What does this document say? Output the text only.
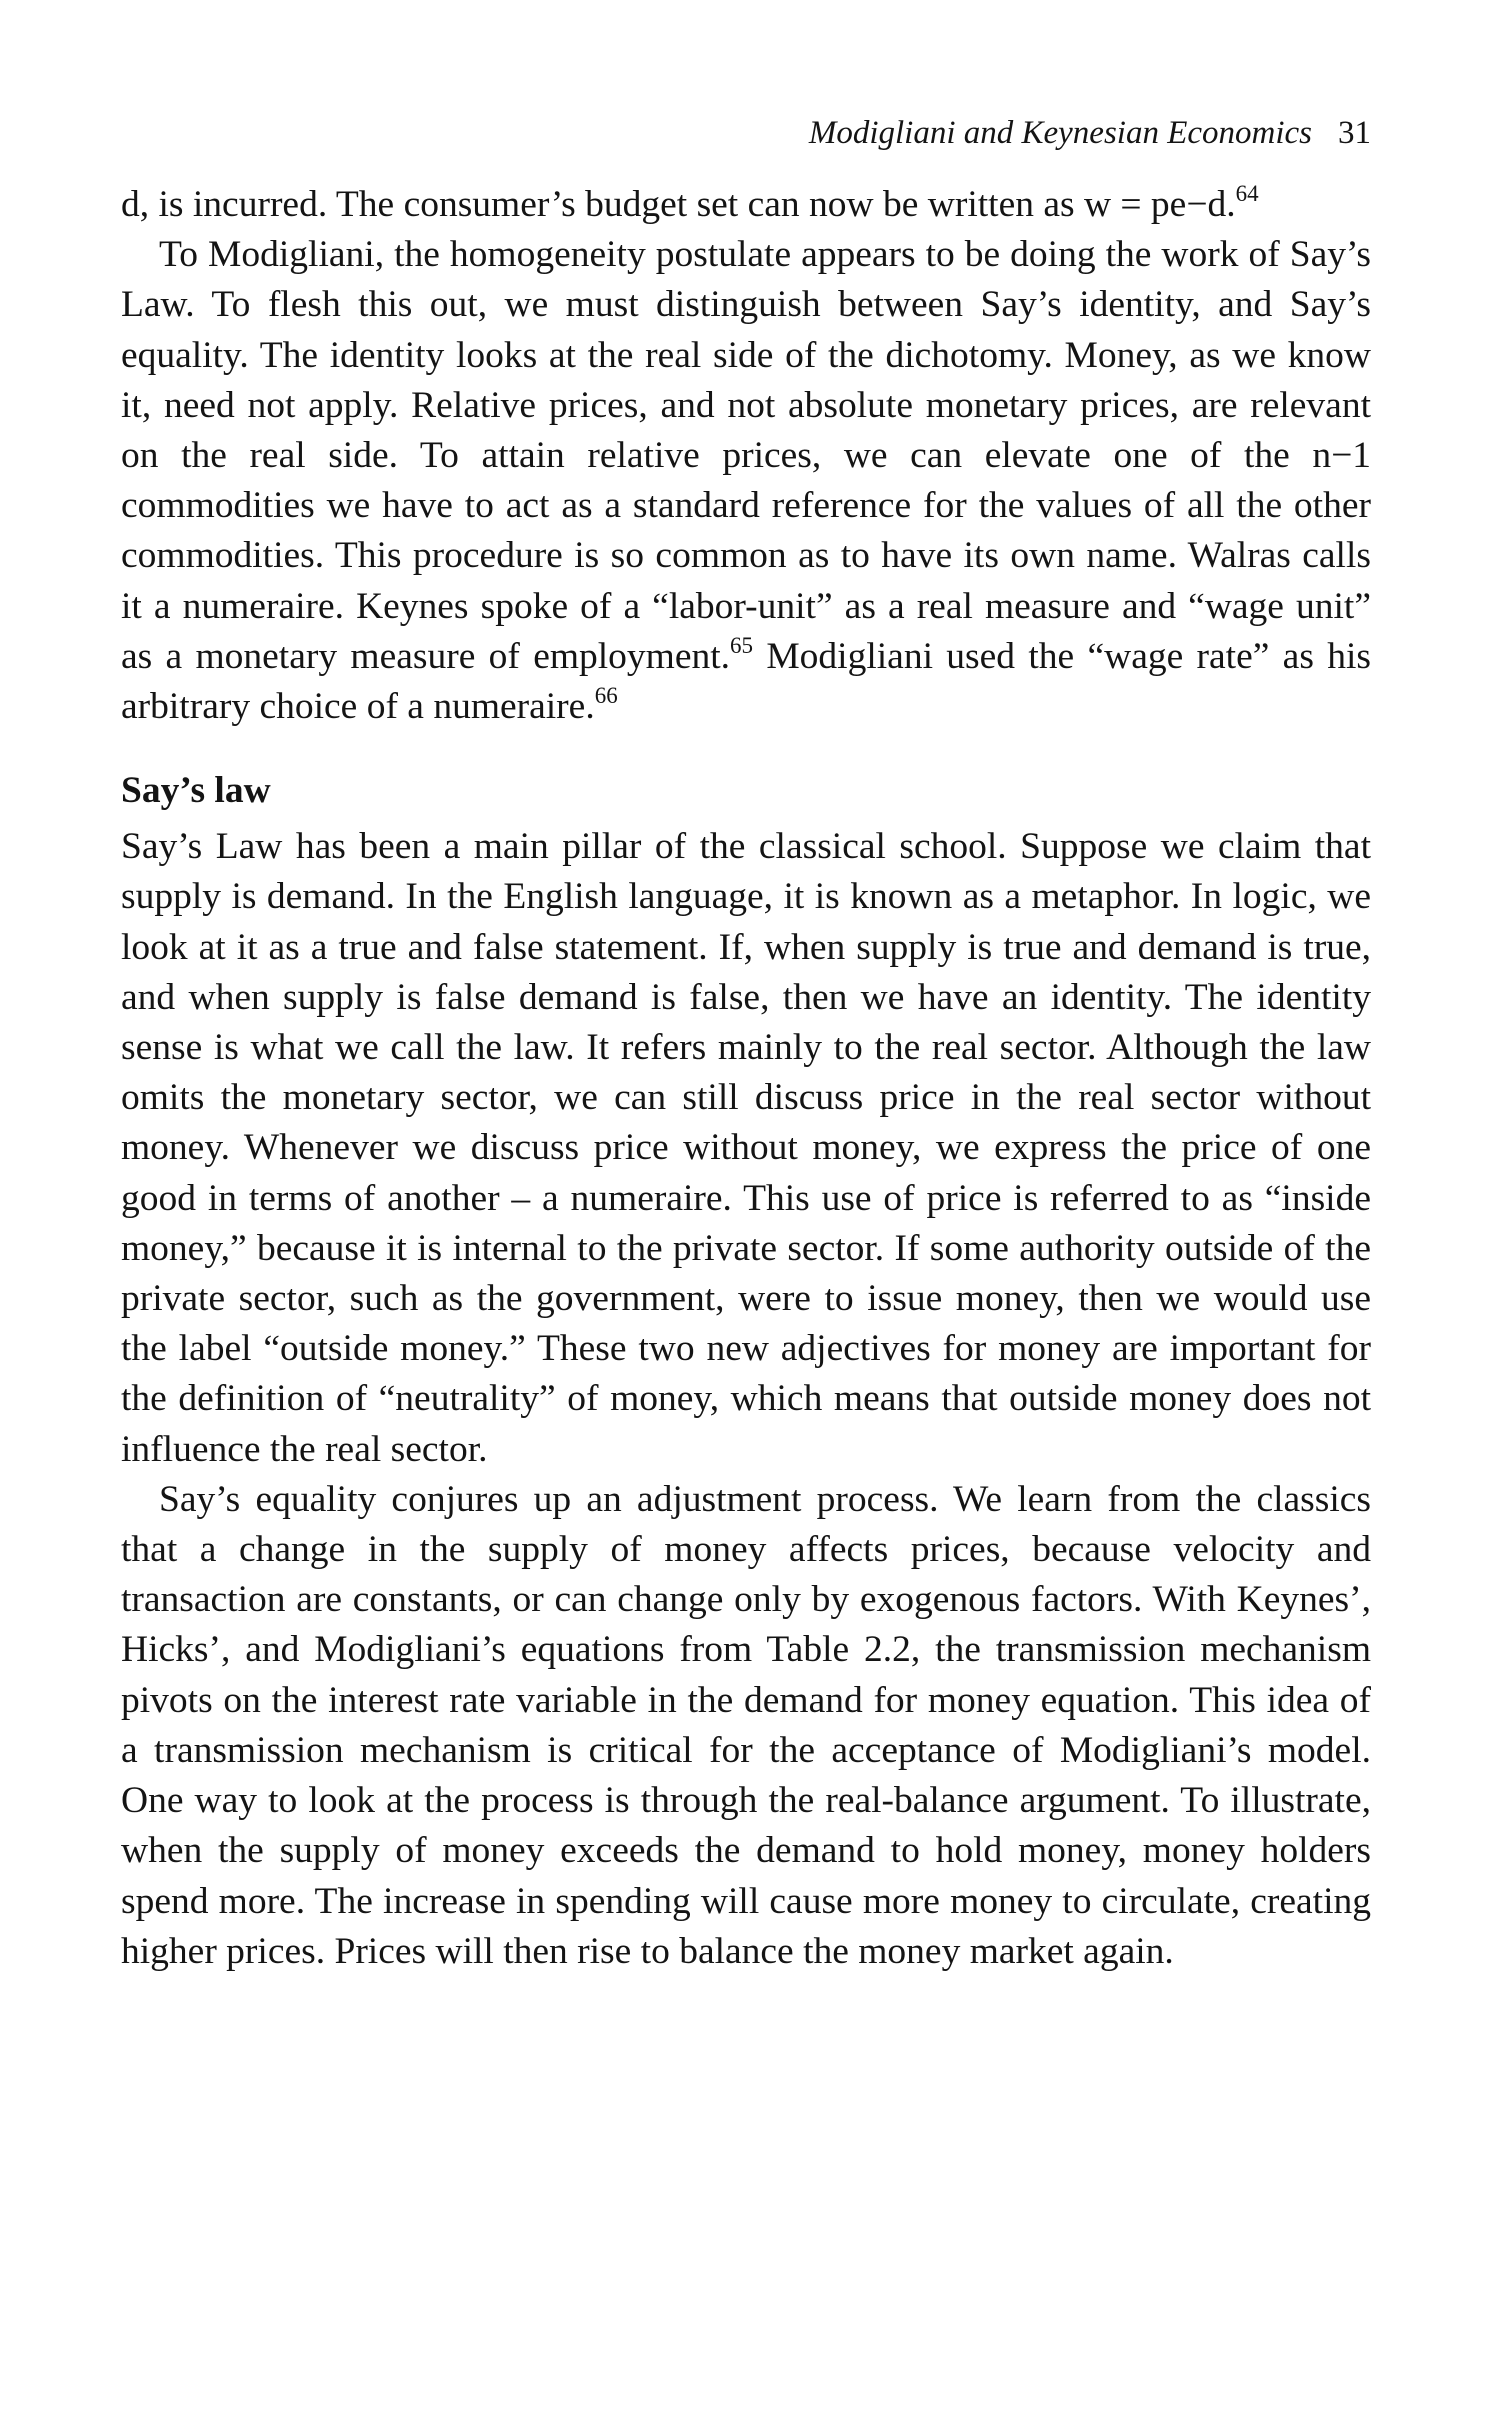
Modigliani and Keynesian Economics 31

d, is incurred. The consumer’s budget set can now be written as w = pe−d.$^{64}$

To Modigliani, the homogeneity postulate appears to be doing the work of Say’s Law. To flesh this out, we must distinguish between Say’s identity, and Say’s equality. The identity looks at the real side of the dichotomy. Money, as we know it, need not apply. Relative prices, and not absolute monetary prices, are relevant on the real side. To attain relative prices, we can elevate one of the n−1 commodities we have to act as a standard reference for the values of all the other commodities. This procedure is so common as to have its own name. Walras calls it a numeraire. Keynes spoke of a “labor-unit” as a real measure and “wage unit” as a monetary measure of employment.$^{65}$ Modigliani used the “wage rate” as his arbitrary choice of a numeraire.$^{66}$

Say’s law

Say’s Law has been a main pillar of the classical school. Suppose we claim that supply is demand. In the English language, it is known as a metaphor. In logic, we look at it as a true and false statement. If, when supply is true and demand is true, and when supply is false demand is false, then we have an identity. The identity sense is what we call the law. It refers mainly to the real sector. Although the law omits the monetary sector, we can still discuss price in the real sector without money. Whenever we discuss price without money, we express the price of one good in terms of another – a numeraire. This use of price is referred to as “inside money,” because it is internal to the private sector. If some authority outside of the private sector, such as the government, were to issue money, then we would use the label “outside money.” These two new adjectives for money are important for the definition of “neutrality” of money, which means that outside money does not influence the real sector.

Say’s equality conjures up an adjustment process. We learn from the classics that a change in the supply of money affects prices, because velocity and transaction are constants, or can change only by exogenous factors. With Keynes’, Hicks’, and Modigliani’s equations from Table 2.2, the transmission mechanism pivots on the interest rate variable in the demand for money equation. This idea of a transmission mechanism is critical for the acceptance of Modigliani’s model. One way to look at the process is through the real-balance argument. To illustrate, when the supply of money exceeds the demand to hold money, money holders spend more. The increase in spending will cause more money to circulate, creating higher prices. Prices will then rise to balance the money market again.
